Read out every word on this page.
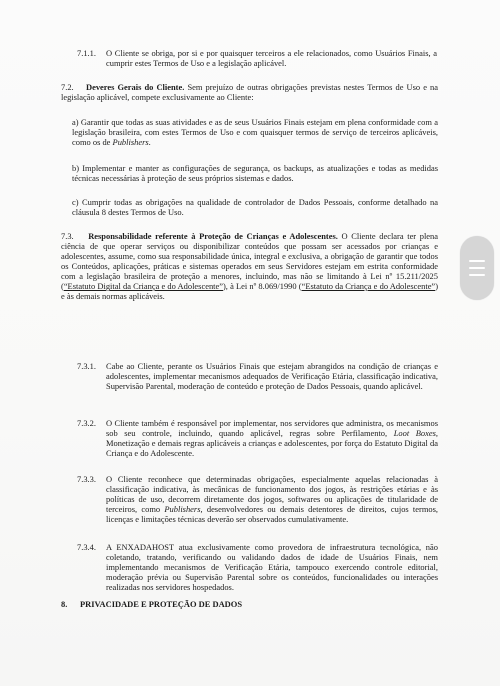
7.1.1. O Cliente se obriga, por si e por quaisquer terceiros a ele relacionados, como Usuários Finais, a cumprir estes Termos de Uso e a legislação aplicável.

7.2. Deveres Gerais do Cliente. Sem prejuízo de outras obrigações previstas nestes Termos de Uso e na legislação aplicável, compete exclusivamente ao Cliente:

a) Garantir que todas as suas atividades e as de seus Usuários Finais estejam em plena conformidade com a legislação brasileira, com estes Termos de Uso e com quaisquer termos de serviço de terceiros aplicáveis, como os de Publishers.

b) Implementar e manter as configurações de segurança, os backups, as atualizações e todas as medidas técnicas necessárias à proteção de seus próprios sistemas e dados.

c) Cumprir todas as obrigações na qualidade de controlador de Dados Pessoais, conforme detalhado na cláusula 8 destes Termos de Uso.

7.3. Responsabilidade referente à Proteção de Crianças e Adolescentes. O Cliente declara ter plena ciência de que operar serviços ou disponibilizar conteúdos que possam ser acessados por crianças e adolescentes, assume, como sua responsabilidade única, integral e exclusiva, a obrigação de garantir que todos os Conteúdos, aplicações, práticas e sistemas operados em seus Servidores estejam em estrita conformidade com a legislação brasileira de proteção a menores, incluindo, mas não se limitando à Lei nº 15.211/2025 (“Estatuto Digital da Criança e do Adolescente”), à Lei nº 8.069/1990 (“Estatuto da Criança e do Adolescente”) e às demais normas aplicáveis.

7.3.1. Cabe ao Cliente, perante os Usuários Finais que estejam abrangidos na condição de crianças e adolescentes, implementar mecanismos adequados de Verificação Etária, classificação indicativa, Supervisão Parental, moderação de conteúdo e proteção de Dados Pessoais, quando aplicável.

7.3.2. O Cliente também é responsável por implementar, nos servidores que administra, os mecanismos sob seu controle, incluindo, quando aplicável, regras sobre Perfilamento, Loot Boxes, Monetização e demais regras aplicáveis a crianças e adolescentes, por força do Estatuto Digital da Criança e do Adolescente.

7.3.3. O Cliente reconhece que determinadas obrigações, especialmente aquelas relacionadas à classificação indicativa, às mecânicas de funcionamento dos jogos, às restrições etárias e às políticas de uso, decorrem diretamente dos jogos, softwares ou aplicações de titularidade de terceiros, como Publishers, desenvolvedores ou demais detentores de direitos, cujos termos, licenças e limitações técnicas deverão ser observados cumulativamente.

7.3.4. A ENXADAHOST atua exclusivamente como provedora de infraestrutura tecnológica, não coletando, tratando, verificando ou validando dados de idade de Usuários Finais, nem implementando mecanismos de Verificação Etária, tampouco exercendo controle editorial, moderação prévia ou Supervisão Parental sobre os conteúdos, funcionalidades ou interações realizadas nos servidores hospedados.

8. PRIVACIDADE E PROTEÇÃO DE DADOS
